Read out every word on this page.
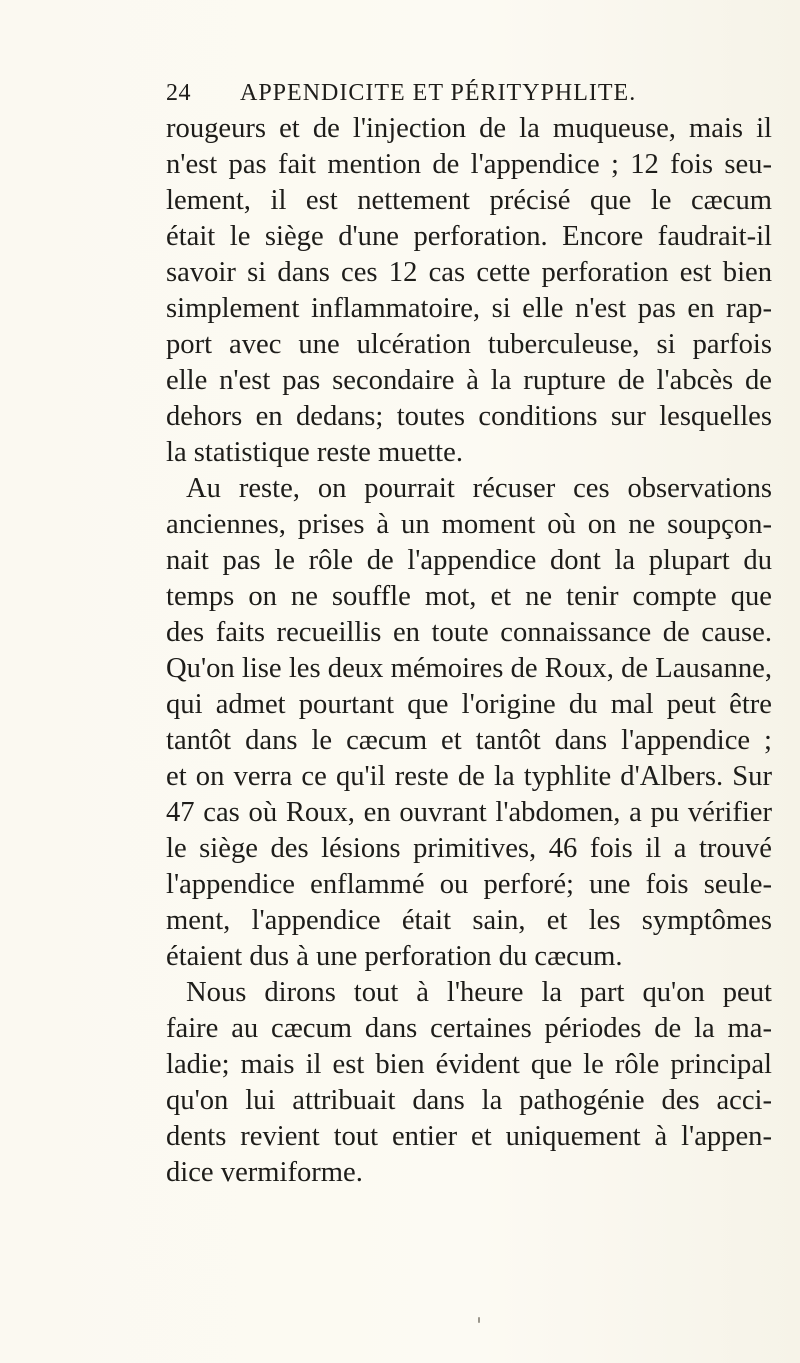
24 APPENDICITE ET PÉRITYPHLITE.
rougeurs et de l'injection de la muqueuse, mais il
n'est pas fait mention de l'appendice ; 12 fois seu-
lement, il est nettement précisé que le cæcum
était le siège d'une perforation. Encore faudrait-il
savoir si dans ces 12 cas cette perforation est bien
simplement inflammatoire, si elle n'est pas en rap-
port avec une ulcération tuberculeuse, si parfois
elle n'est pas secondaire à la rupture de l'abcès de
dehors en dedans; toutes conditions sur lesquelles
la statistique reste muette.
Au reste, on pourrait récuser ces observations
anciennes, prises à un moment où on ne soupçon-
nait pas le rôle de l'appendice dont la plupart du
temps on ne souffle mot, et ne tenir compte que
des faits recueillis en toute connaissance de cause.
Qu'on lise les deux mémoires de Roux, de Lausanne,
qui admet pourtant que l'origine du mal peut être
tantôt dans le cæcum et tantôt dans l'appendice ;
et on verra ce qu'il reste de la typhlite d'Albers. Sur
47 cas où Roux, en ouvrant l'abdomen, a pu vérifier
le siège des lésions primitives, 46 fois il a trouvé
l'appendice enflammé ou perforé; une fois seule-
ment, l'appendice était sain, et les symptômes
étaient dus à une perforation du cæcum.
Nous dirons tout à l'heure la part qu'on peut
faire au cæcum dans certaines périodes de la ma-
ladie; mais il est bien évident que le rôle principal
qu'on lui attribuait dans la pathogénie des acci-
dents revient tout entier et uniquement à l'appen-
dice vermiforme.
